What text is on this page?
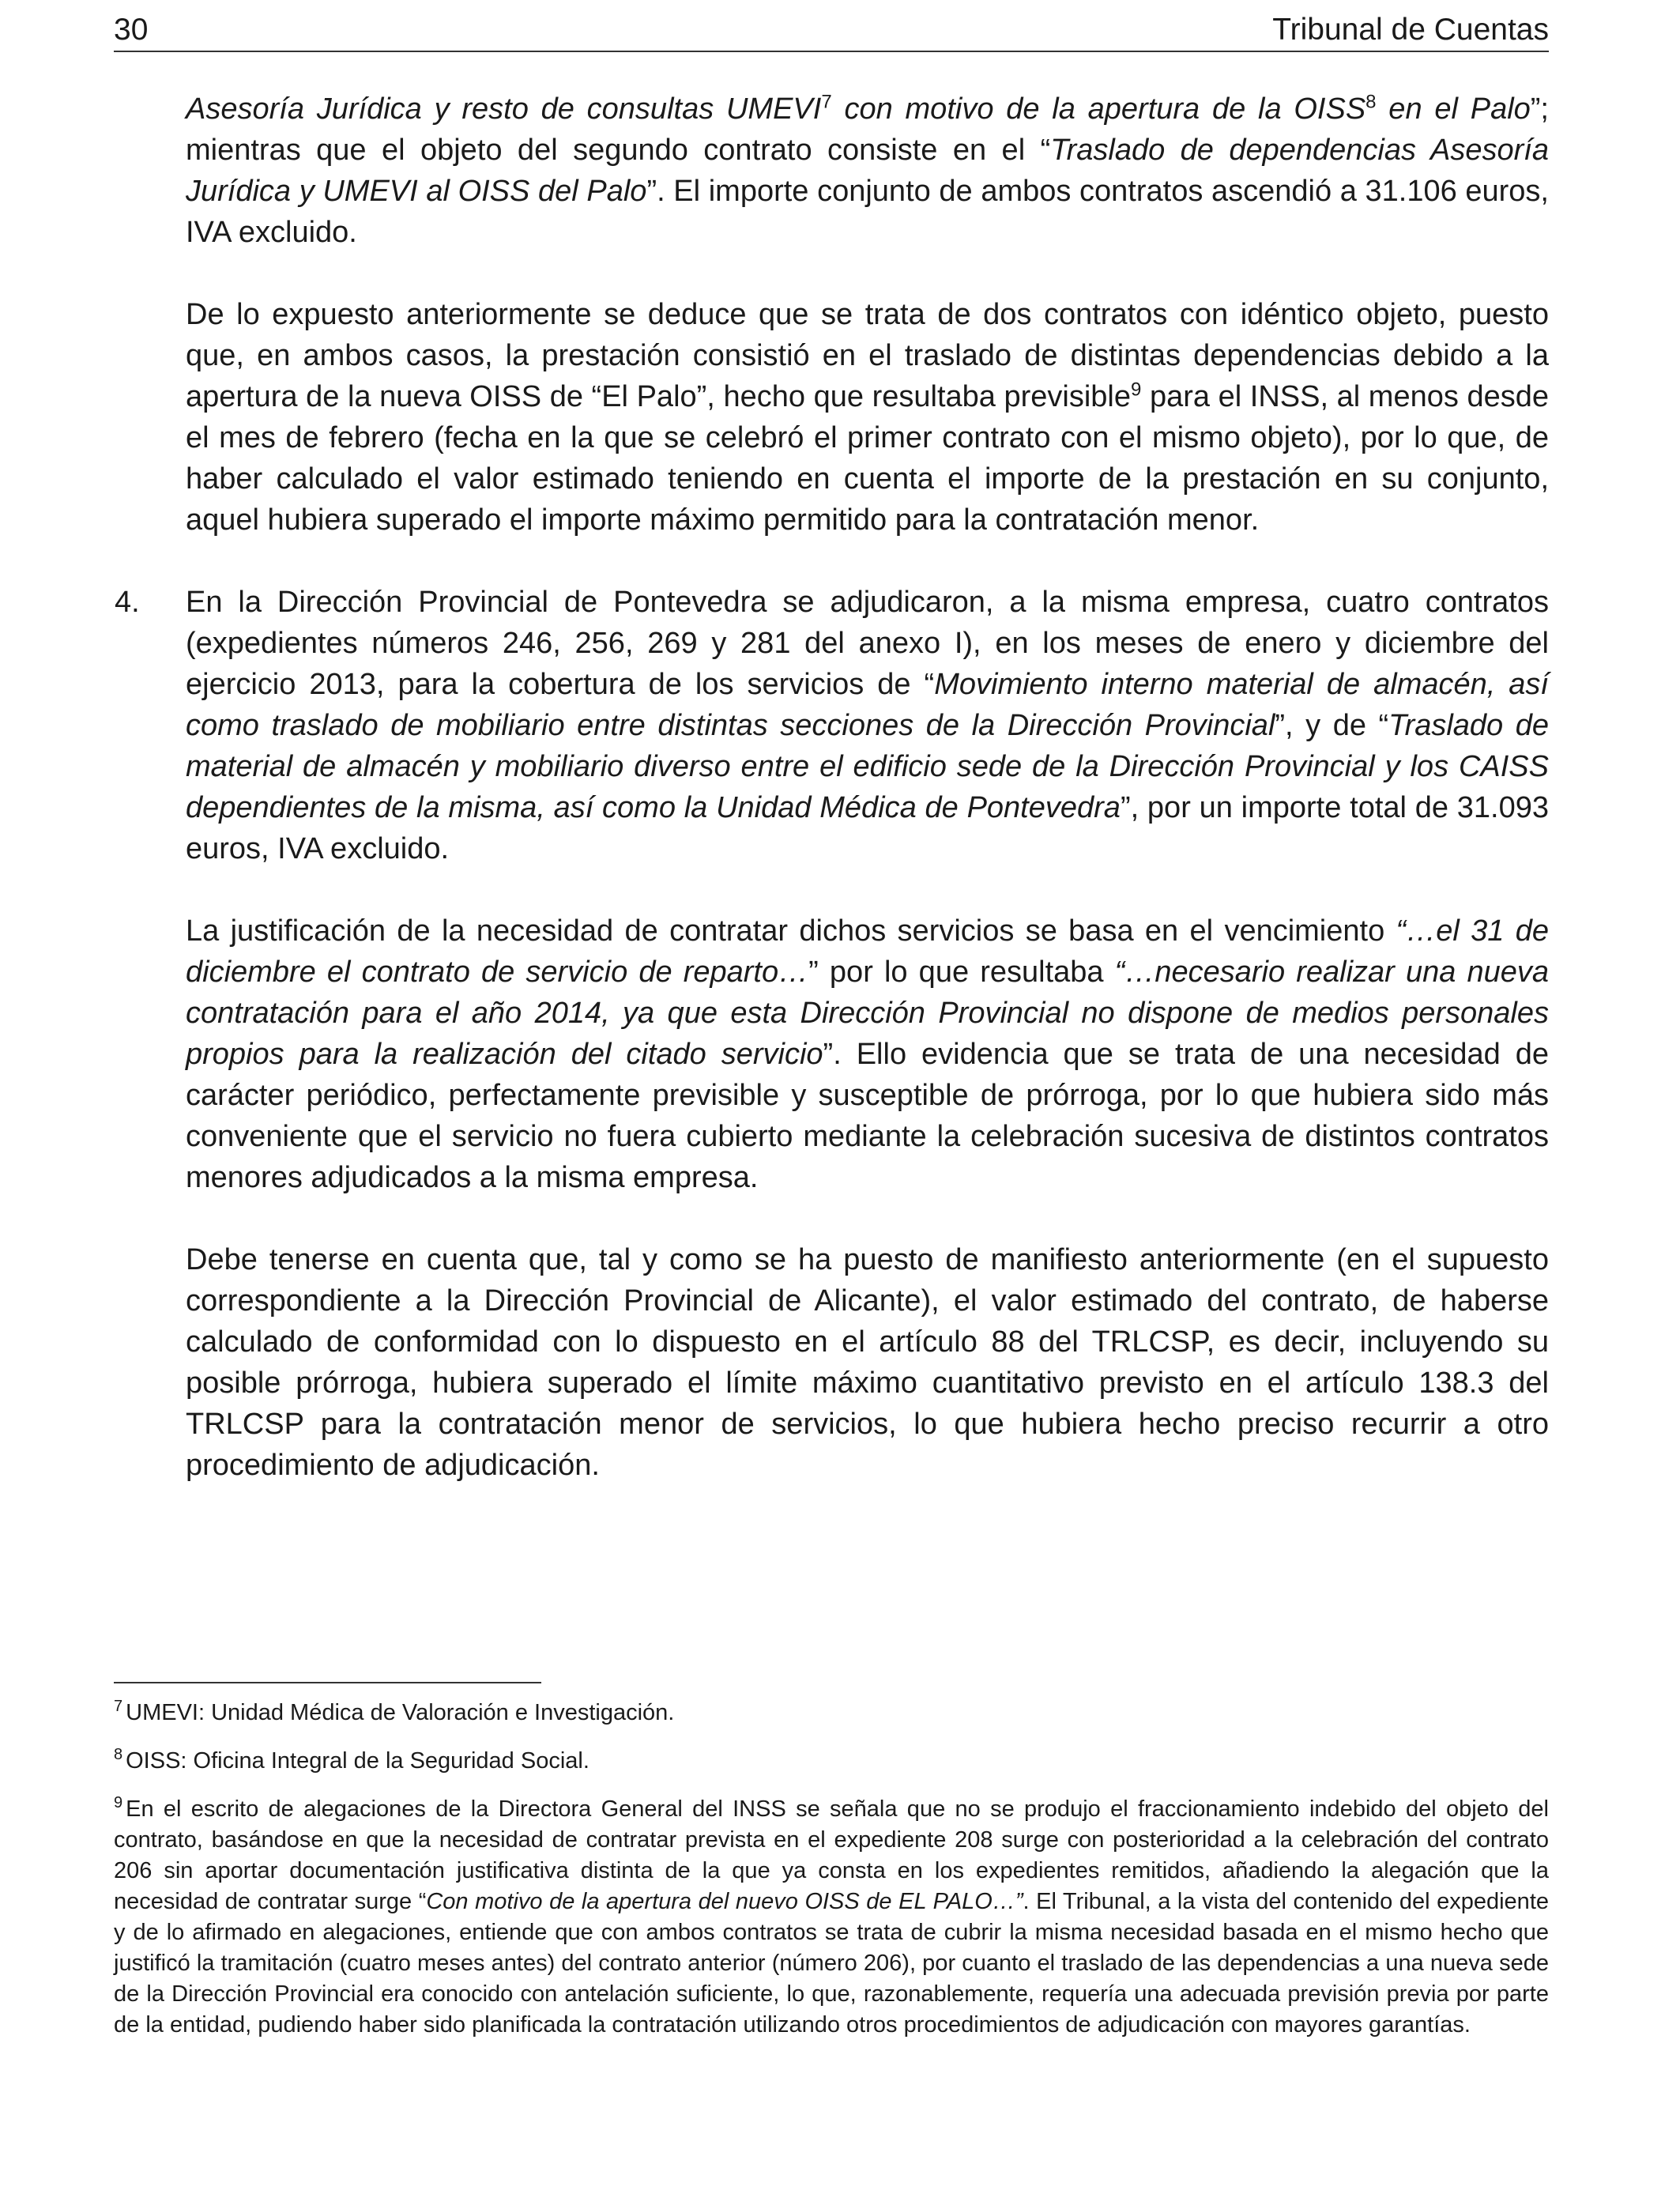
30	Tribunal de Cuentas

Asesoría Jurídica y resto de consultas UMEVI$^7$ con motivo de la apertura de la OISS$^8$ en el Palo”; mientras que el objeto del segundo contrato consiste en el “Traslado de dependencias Asesoría Jurídica y UMEVI al OISS del Palo”. El importe conjunto de ambos contratos ascendió a 31.106 euros, IVA excluido.

De lo expuesto anteriormente se deduce que se trata de dos contratos con idéntico objeto, puesto que, en ambos casos, la prestación consistió en el traslado de distintas dependencias debido a la apertura de la nueva OISS de “El Palo”, hecho que resultaba previsible$^9$ para el INSS, al menos desde el mes de febrero (fecha en la que se celebró el primer contrato con el mismo objeto), por lo que, de haber calculado el valor estimado teniendo en cuenta el importe de la prestación en su conjunto, aquel hubiera superado el importe máximo permitido para la contratación menor.

4. En la Dirección Provincial de Pontevedra se adjudicaron, a la misma empresa, cuatro contratos (expedientes números 246, 256, 269 y 281 del anexo I), en los meses de enero y diciembre del ejercicio 2013, para la cobertura de los servicios de “Movimiento interno material de almacén, así como traslado de mobiliario entre distintas secciones de la Dirección Provincial”, y de “Traslado de material de almacén y mobiliario diverso entre el edificio sede de la Dirección Provincial y los CAISS dependientes de la misma, así como la Unidad Médica de Pontevedra”, por un importe total de 31.093 euros, IVA excluido.

La justificación de la necesidad de contratar dichos servicios se basa en el vencimiento “…el 31 de diciembre el contrato de servicio de reparto…” por lo que resultaba “…necesario realizar una nueva contratación para el año 2014, ya que esta Dirección Provincial no dispone de medios personales propios para la realización del citado servicio”. Ello evidencia que se trata de una necesidad de carácter periódico, perfectamente previsible y susceptible de prórroga, por lo que hubiera sido más conveniente que el servicio no fuera cubierto mediante la celebración sucesiva de distintos contratos menores adjudicados a la misma empresa.

Debe tenerse en cuenta que, tal y como se ha puesto de manifiesto anteriormente (en el supuesto correspondiente a la Dirección Provincial de Alicante), el valor estimado del contrato, de haberse calculado de conformidad con lo dispuesto en el artículo 88 del TRLCSP, es decir, incluyendo su posible prórroga, hubiera superado el límite máximo cuantitativo previsto en el artículo 138.3 del TRLCSP para la contratación menor de servicios, lo que hubiera hecho preciso recurrir a otro procedimiento de adjudicación.

$^7$ UMEVI: Unidad Médica de Valoración e Investigación.

$^8$ OISS: Oficina Integral de la Seguridad Social.

$^9$ En el escrito de alegaciones de la Directora General del INSS se señala que no se produjo el fraccionamiento indebido del objeto del contrato, basándose en que la necesidad de contratar prevista en el expediente 208 surge con posterioridad a la celebración del contrato 206 sin aportar documentación justificativa distinta de la que ya consta en los expedientes remitidos, añadiendo la alegación que la necesidad de contratar surge “Con motivo de la apertura del nuevo OISS de EL PALO…”. El Tribunal, a la vista del contenido del expediente y de lo afirmado en alegaciones, entiende que con ambos contratos se trata de cubrir la misma necesidad basada en el mismo hecho que justificó la tramitación (cuatro meses antes) del contrato anterior (número 206), por cuanto el traslado de las dependencias a una nueva sede de la Dirección Provincial era conocido con antelación suficiente, lo que, razonablemente, requería una adecuada previsión previa por parte de la entidad, pudiendo haber sido planificada la contratación utilizando otros procedimientos de adjudicación con mayores garantías.
